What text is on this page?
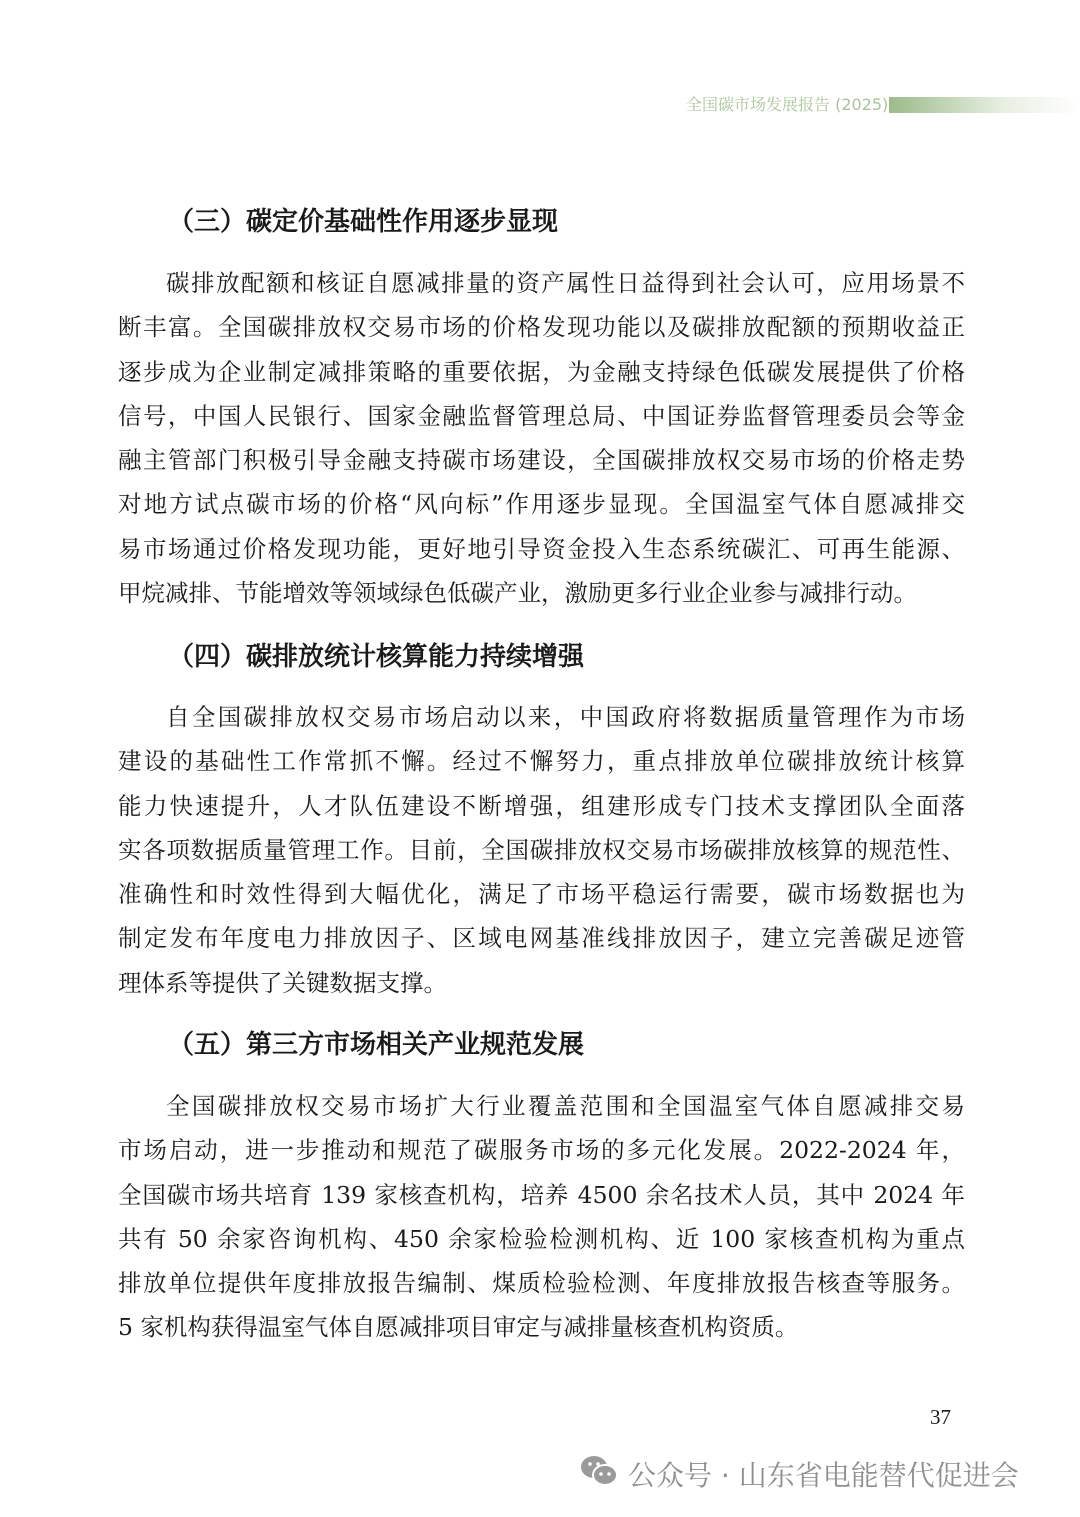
全国碳市场发展报告 (2025)
（三）碳定价基础性作用逐步显现
碳排放配额和核证自愿减排量的资产属性日益得到社会认可，应用场景不
断丰富。全国碳排放权交易市场的价格发现功能以及碳排放配额的预期收益正
逐步成为企业制定减排策略的重要依据，为金融支持绿色低碳发展提供了价格
信号，中国人民银行、国家金融监督管理总局、中国证券监督管理委员会等金
融主管部门积极引导金融支持碳市场建设，全国碳排放权交易市场的价格走势
对地方试点碳市场的价格“风向标”作用逐步显现。全国温室气体自愿减排交
易市场通过价格发现功能，更好地引导资金投入生态系统碳汇、可再生能源、
甲烷减排、节能增效等领域绿色低碳产业，激励更多行业企业参与减排行动。
（四）碳排放统计核算能力持续增强
自全国碳排放权交易市场启动以来，中国政府将数据质量管理作为市场
建设的基础性工作常抓不懈。经过不懈努力，重点排放单位碳排放统计核算
能力快速提升，人才队伍建设不断增强，组建形成专门技术支撑团队全面落
实各项数据质量管理工作。目前，全国碳排放权交易市场碳排放核算的规范性、
准确性和时效性得到大幅优化，满足了市场平稳运行需要，碳市场数据也为
制定发布年度电力排放因子、区域电网基准线排放因子，建立完善碳足迹管
理体系等提供了关键数据支撑。
（五）第三方市场相关产业规范发展
全国碳排放权交易市场扩大行业覆盖范围和全国温室气体自愿减排交易
市场启动，进一步推动和规范了碳服务市场的多元化发展。2022-2024 年，
全国碳市场共培育 139 家核查机构，培养 4500 余名技术人员，其中 2024 年
共有 50 余家咨询机构、450 余家检验检测机构、近 100 家核查机构为重点
排放单位提供年度排放报告编制、煤质检验检测、年度排放报告核查等服务。
5 家机构获得温室气体自愿减排项目审定与减排量核查机构资质。
37
公众号 · 山东省电能替代促进会
